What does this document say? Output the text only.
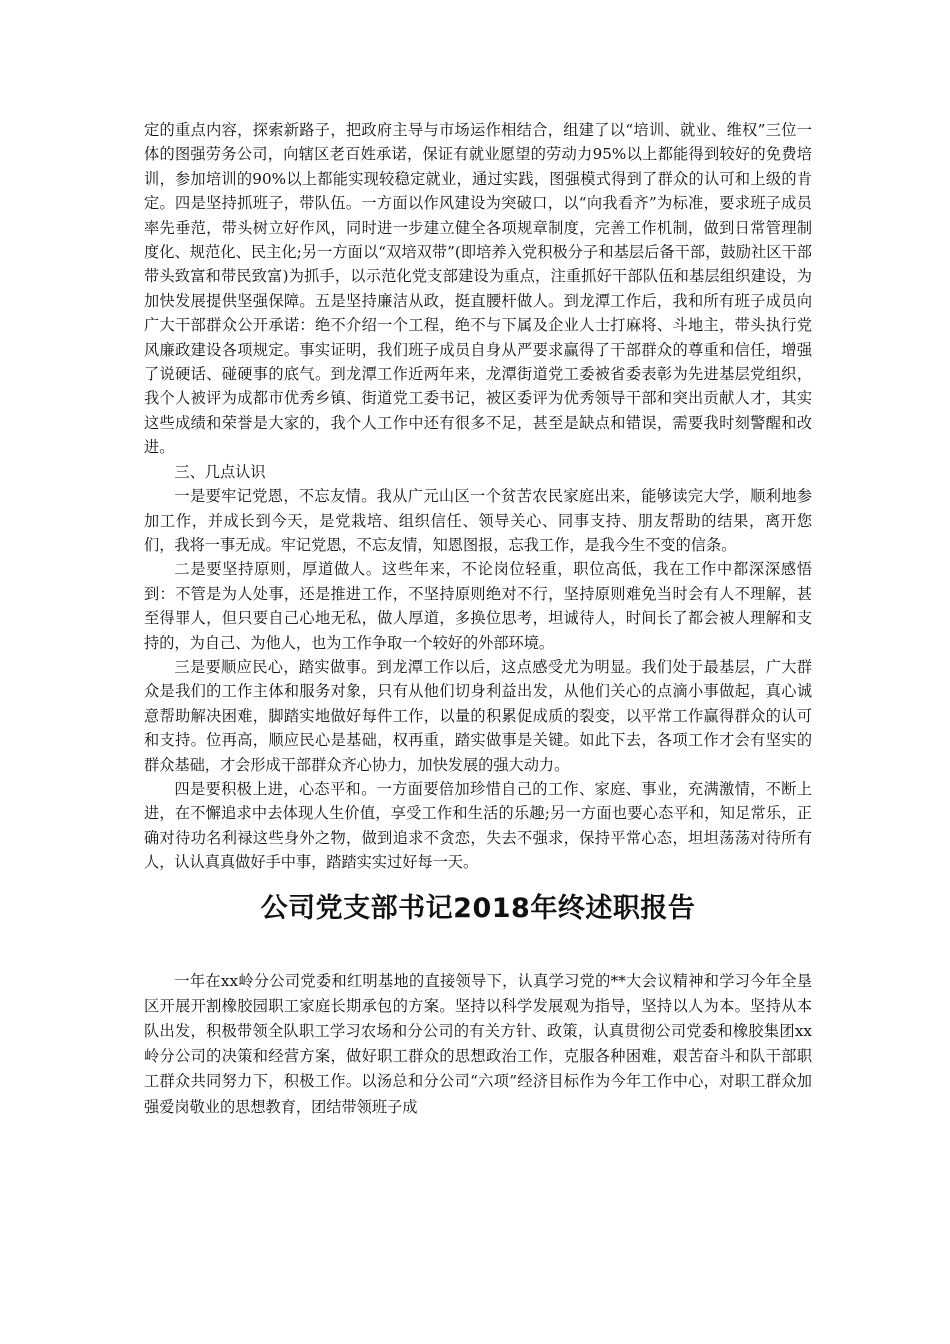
定的重点内容，探索新路子，把政府主导与市场运作相结合，组建了以“培训、就业、维权”三位一体的图强劳务公司，向辖区老百姓承诺，保证有就业愿望的劳动力95%以上都能得到较好的免费培训，参加培训的90%以上都能实现较稳定就业，通过实践，图强模式得到了群众的认可和上级的肯定。四是坚持抓班子，带队伍。一方面以作风建设为突破口，以“向我看齐”为标准，要求班子成员率先垂范，带头树立好作风，同时进一步建立健全各项规章制度，完善工作机制，做到日常管理制度化、规范化、民主化;另一方面以“双培双带”(即培养入党积极分子和基层后备干部，鼓励社区干部带头致富和带民致富)为抓手，以示范化党支部建设为重点，注重抓好干部队伍和基层组织建设，为加快发展提供坚强保障。五是坚持廉洁从政，挺直腰杆做人。到龙潭工作后，我和所有班子成员向广大干部群众公开承诺：绝不介绍一个工程，绝不与下属及企业人士打麻将、斗地主，带头执行党风廉政建设各项规定。事实证明，我们班子成员自身从严要求赢得了干部群众的尊重和信任，增强了说硬话、碰硬事的底气。到龙潭工作近两年来，龙潭街道党工委被省委表彰为先进基层党组织，我个人被评为成都市优秀乡镇、街道党工委书记，被区委评为优秀领导干部和突出贡献人才，其实这些成绩和荣誉是大家的，我个人工作中还有很多不足，甚至是缺点和错误，需要我时刻警醒和改进。

三、几点认识

一是要牢记党恩，不忘友情。我从广元山区一个贫苦农民家庭出来，能够读完大学，顺利地参加工作，并成长到今天，是党栽培、组织信任、领导关心、同事支持、朋友帮助的结果，离开您们，我将一事无成。牢记党恩，不忘友情，知恩图报，忘我工作，是我今生不变的信条。

二是要坚持原则，厚道做人。这些年来，不论岗位轻重，职位高低，我在工作中都深深感悟到：不管是为人处事，还是推进工作，不坚持原则绝对不行，坚持原则难免当时会有人不理解，甚至得罪人，但只要自己心地无私，做人厚道，多换位思考，坦诚待人，时间长了都会被人理解和支持的，为自己、为他人，也为工作争取一个较好的外部环境。

三是要顺应民心，踏实做事。到龙潭工作以后，这点感受尤为明显。我们处于最基层，广大群众是我们的工作主体和服务对象，只有从他们切身利益出发，从他们关心的点滴小事做起，真心诚意帮助解决困难，脚踏实地做好每件工作，以量的积累促成质的裂变，以平常工作赢得群众的认可和支持。位再高，顺应民心是基础，权再重，踏实做事是关键。如此下去，各项工作才会有坚实的群众基础，才会形成干部群众齐心协力，加快发展的强大动力。

四是要积极上进，心态平和。一方面要倍加珍惜自己的工作、家庭、事业，充满激情，不断上进，在不懈追求中去体现人生价值，享受工作和生活的乐趣;另一方面也要心态平和，知足常乐，正确对待功名利禄这些身外之物，做到追求不贪恋，失去不强求，保持平常心态，坦坦荡荡对待所有人，认认真真做好手中事，踏踏实实过好每一天。

公司党支部书记2018年终述职报告

一年在xx岭分公司党委和红明基地的直接领导下，认真学习党的**大会议精神和学习今年全垦区开展开割橡胶园职工家庭长期承包的方案。坚持以科学发展观为指导，坚持以人为本。坚持从本队出发，积极带领全队职工学习农场和分公司的有关方针、政策，认真贯彻公司党委和橡胶集团xx岭分公司的决策和经营方案，做好职工群众的思想政治工作，克服各种困难，艰苦奋斗和队干部职工群众共同努力下，积极工作。以汤总和分公司“六项”经济目标作为今年工作中心，对职工群众加强爱岗敬业的思想教育，团结带领班子成
